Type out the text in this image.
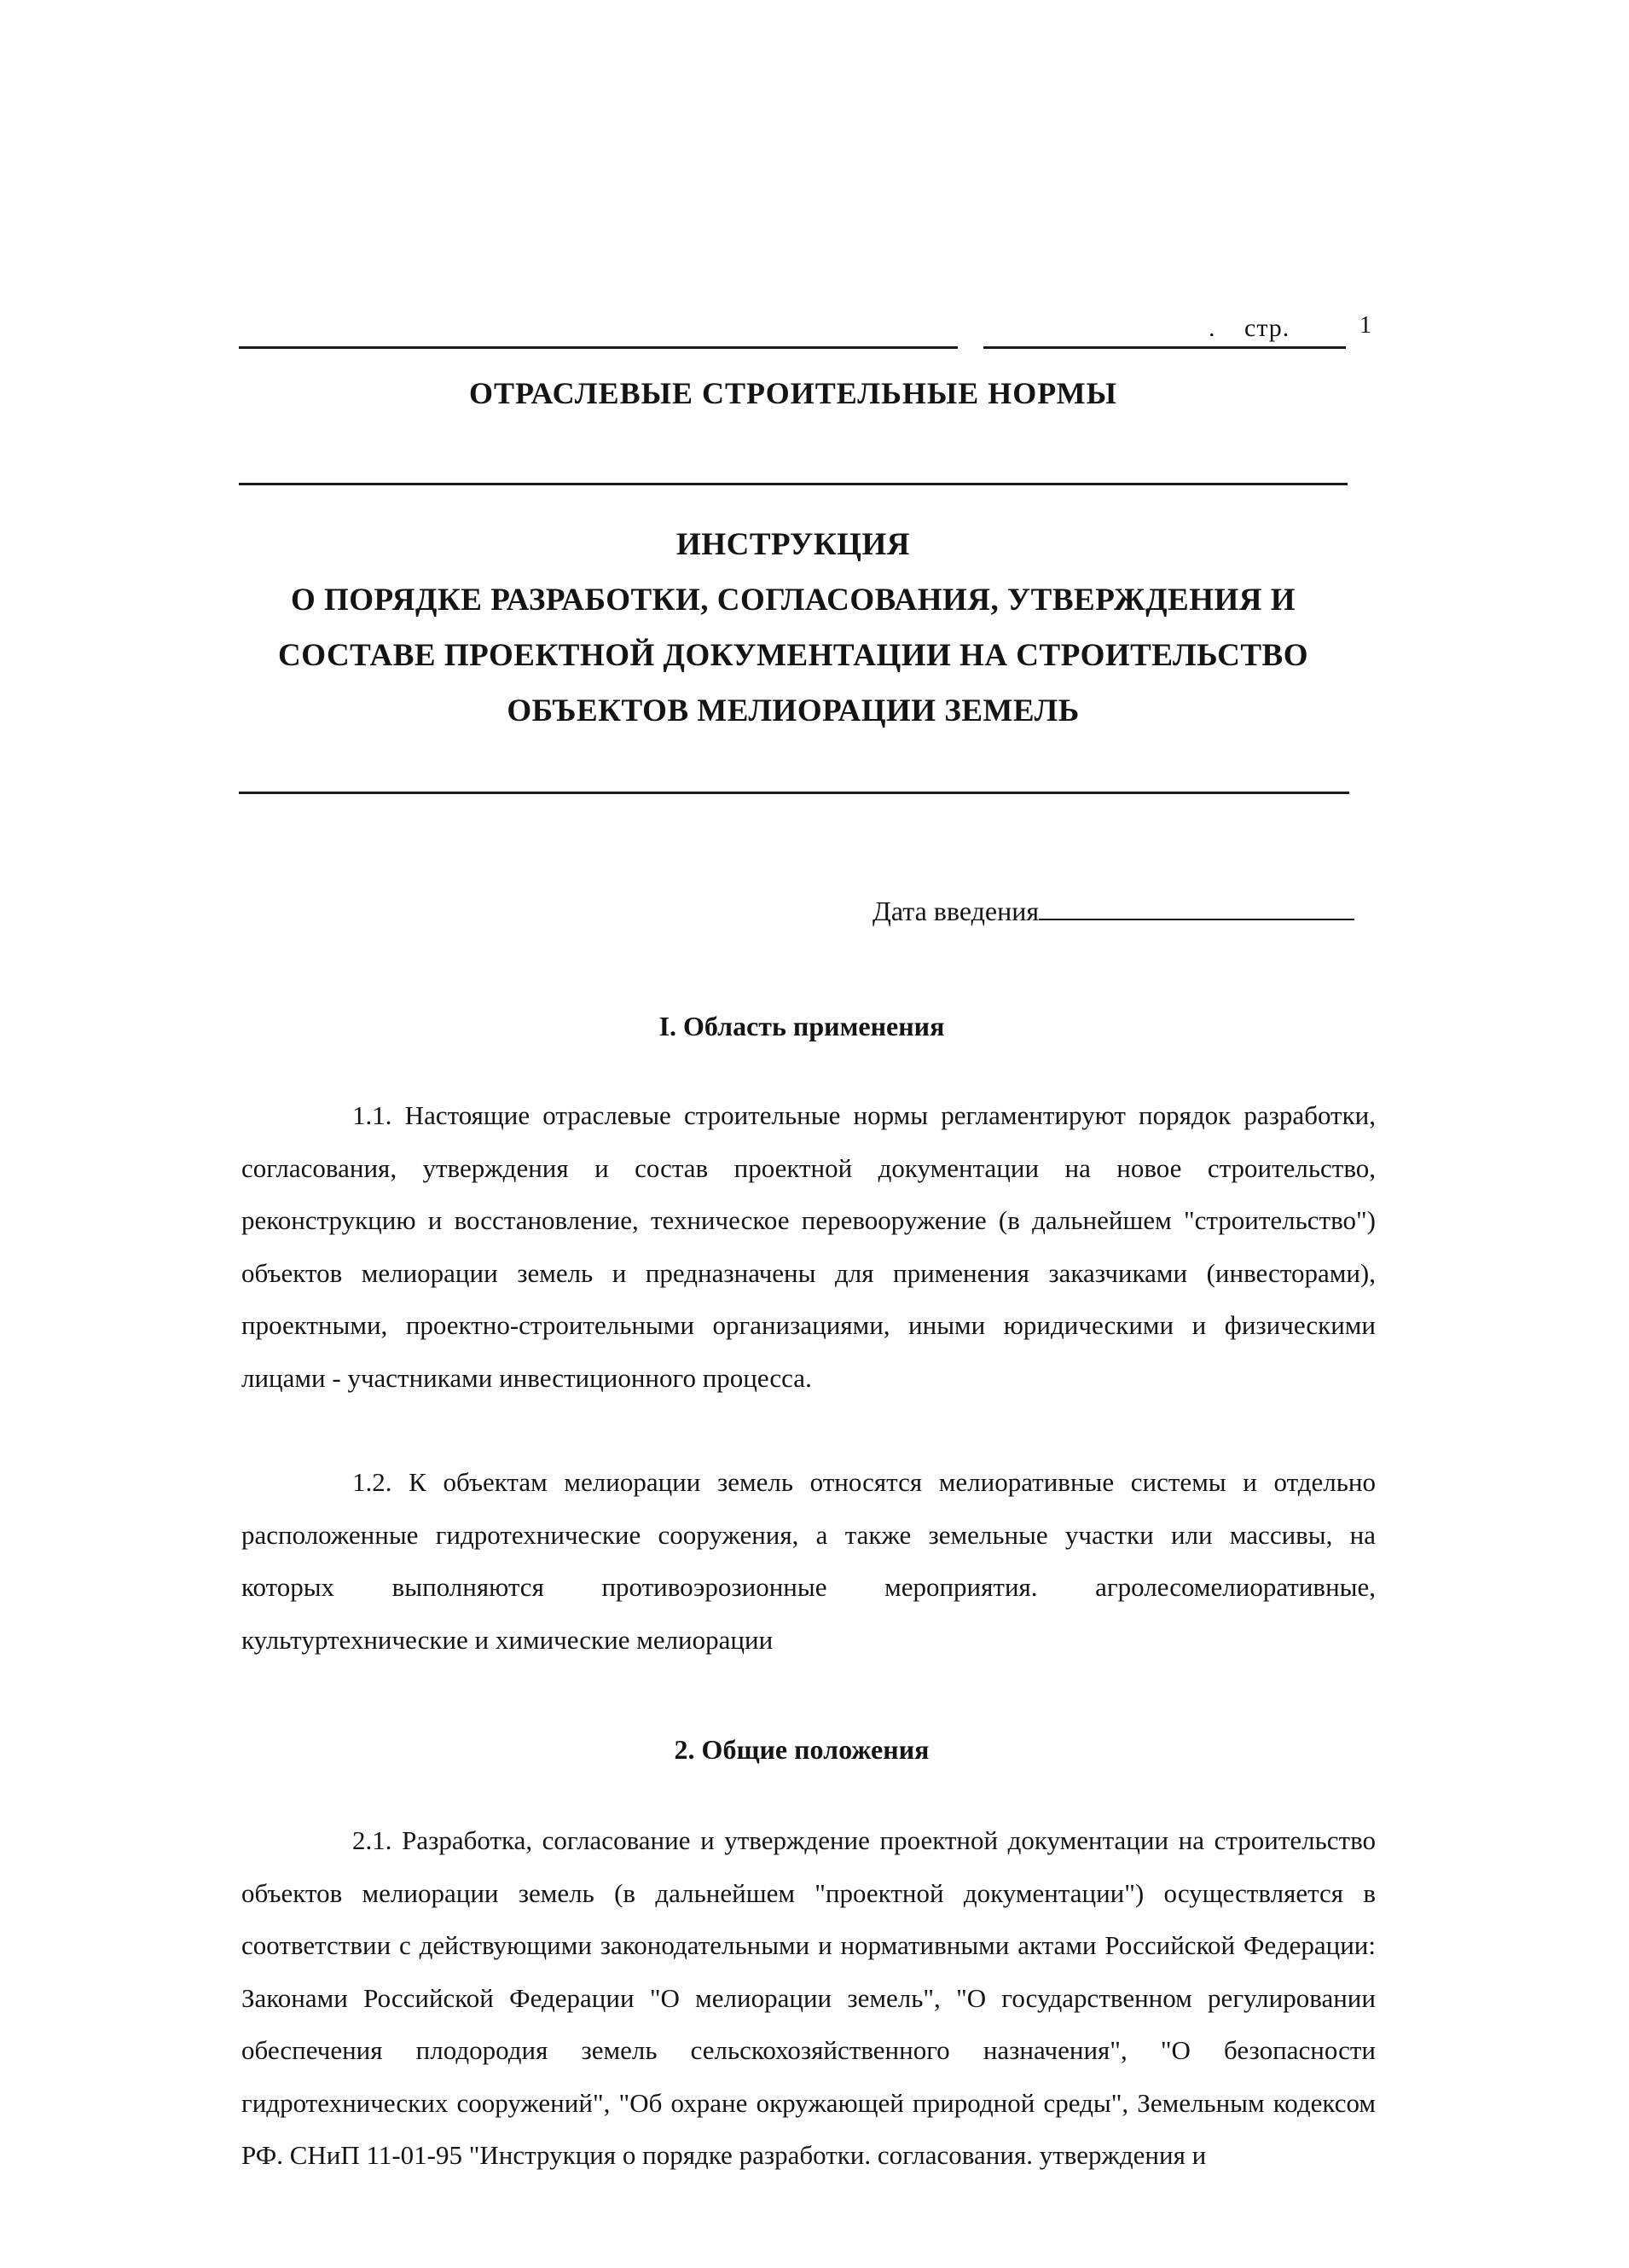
. стр.	1
ОТРАСЛЕВЫЕ СТРОИТЕЛЬНЫЕ НОРМЫ
ИНСТРУКЦИЯ
О ПОРЯДКЕ РАЗРАБОТКИ, СОГЛАСОВАНИЯ, УТВЕРЖДЕНИЯ И
СОСТАВЕ ПРОЕКТНОЙ ДОКУМЕНТАЦИИ НА СТРОИТЕЛЬСТВО
ОБЪЕКТОВ МЕЛИОРАЦИИ ЗЕМЕЛЬ
Дата введения
I. Область применения

1.1. Настоящие отраслевые строительные нормы регламентируют порядок разработки, согласования, утверждения и состав проектной документации на новое строительство, реконструкцию и восстановление, техническое перевооружение (в дальнейшем "строительство") объектов мелиорации земель и предназначены для применения заказчиками (инвесторами), проектными, проектно-строительными организациями, иными юридическими и физическими лицами - участниками инвестиционного процесса.

1.2. К объектам мелиорации земель относятся мелиоративные системы и отдельно расположенные гидротехнические сооружения, а также земельные участки или массивы, на которых выполняются противоэрозионные мероприятия. агролесомелиоративные, культуртехнические и химические мелиорации

2. Общие положения

2.1. Разработка, согласование и утверждение проектной документации на строительство объектов мелиорации земель (в дальнейшем "проектной документации") осуществляется в соответствии с действующими законодательными и нормативными актами Российской Федерации: Законами Российской Федерации "О мелиорации земель", "О государственном регулировании обеспечения плодородия земель сельскохозяйственного назначения", "О безопасности гидротехнических сооружений", "Об охране окружающей природной среды", Земельным кодексом РФ. СНиП 11-01-95 "Инструкция о порядке разработки. согласования. утверждения и
